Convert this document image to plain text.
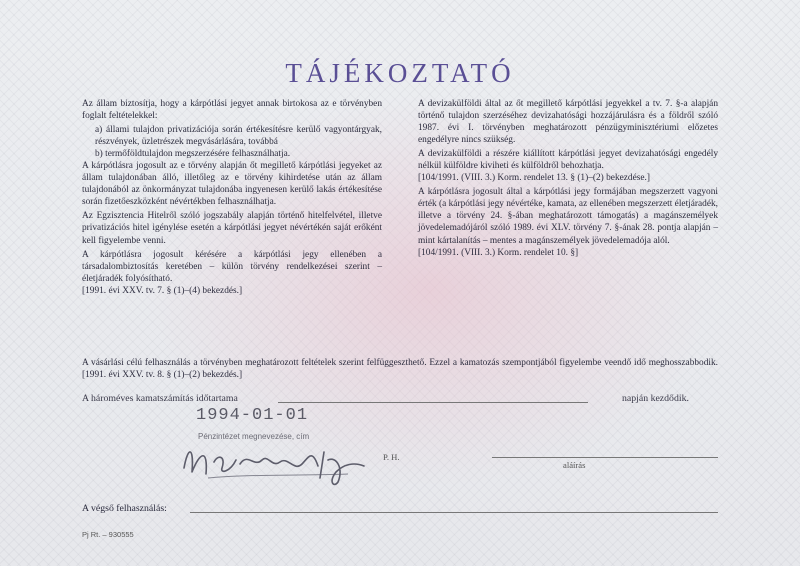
TÁJÉKOZTATÓ

Az állam biztosítja, hogy a kárpótlási jegyet annak birtokosa az e törvényben foglalt feltételekkel:

a) állami tulajdon privatizációja során értékesítésre kerülő vagyontárgyak, részvények, üzletrészek megvásárlására, továbbá

b) termőföldtulajdon megszerzésére felhasználhatja.

A kárpótlásra jogosult az e törvény alapján őt megillető kárpótlási jegyeket az állam tulajdonában álló, illetőleg az e törvény kihirdetése után az állam tulajdonából az önkormányzat tulajdonába ingyenesen kerülő lakás értékesítése során fizetőeszközként névértékben felhasználhatja.

Az Egzisztencia Hitelről szóló jogszabály alapján történő hitelfelvétel, illetve privatizációs hitel igénylése esetén a kárpótlási jegyet névértékén saját erőként kell figyelembe venni.

A kárpótlásra jogosult kérésére a kárpótlási jegy ellenében a társadalombiztosítás keretében – külön törvény rendelkezései szerint – életjáradék folyósítható.

[1991. évi XXV. tv. 7. § (1)–(4) bekezdés.]

A devizakülföldi által az őt megillető kárpótlási jegyekkel a tv. 7. §-a alapján történő tulajdon szerzéséhez devizahatósági hozzájárulásra és a földről szóló 1987. évi I. törvényben meghatározott pénzügyminisztériumi előzetes engedélyre nincs szükség.

A devizakülföldi a részére kiállított kárpótlási jegyet devizahatósági engedély nélkül külföldre kiviheti és külföldről behozhatja.

[104/1991. (VIII. 3.) Korm. rendelet 13. § (1)–(2) bekezdése.]

A kárpótlásra jogosult által a kárpótlási jegy formájában megszerzett vagyoni érték (a kárpótlási jegy névértéke, kamata, az ellenében megszerzett életjáradék, illetve a törvény 24. §-ában meghatározott támogatás) a magánszemélyek jövedelemadójáról szóló 1989. évi XLV. törvény 7. §-ának 28. pontja alapján – mint kártalanítás – mentes a magánszemélyek jövedelemadója alól.

[104/1991. (VIII. 3.) Korm. rendelet 10. §]

A vásárlási célú felhasználás a törvényben meghatározott feltételek szerint felfüggeszthető. Ezzel a kamatozás szempontjából figyelembe veendő idő meghosszabbodik. [1991. évi XXV. tv. 8. § (1)–(2) bekezdés.]
A hároméves kamatszámítás időtartama	napján kezdődik.
1994-01-01
Pénzintézet megnevezése, cím
P. H.
aláírás
A végső felhasználás:
Pj Rt. – 930555
